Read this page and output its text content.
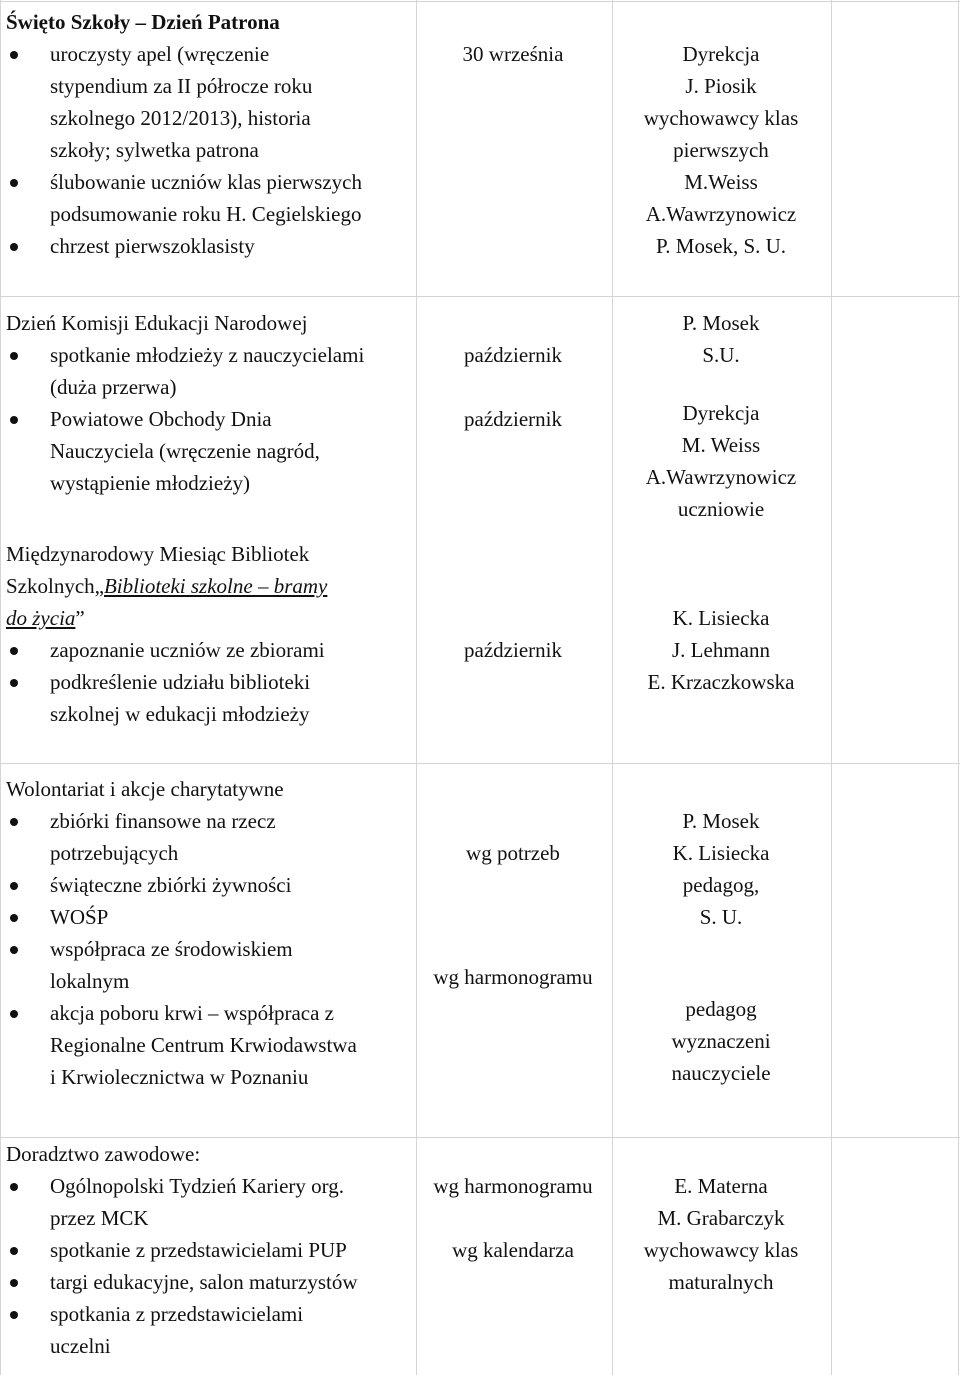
Święto Szkoły – Dzień Patrona
uroczysty apel (wręczenie
stypendium za II półrocze roku
szkolnego 2012/2013), historia
szkoły; sylwetka patrona
ślubowanie uczniów klas pierwszych
podsumowanie roku H. Cegielskiego
chrzest pierwszoklasisty
30 września	Dyrekcja
J. Piosik
wychowawcy klas
pierwszych
M.Weiss
A.Wawrzynowicz
P. Mosek, S. U.
Dzień Komisji Edukacji Narodowej
spotkanie młodzieży z nauczycielami
(duża przerwa)
Powiatowe Obchody Dnia
Nauczyciela (wręczenie nagród,
wystąpienie młodzieży)
październik
październik
P. Mosek
S.U.
Dyrekcja
M. Weiss
A.Wawrzynowicz
uczniowie
Międzynarodowy Miesiąc Bibliotek
Szkolnych„Biblioteki szkolne – bramy
do życia”
zapoznanie uczniów ze zbiorami
podkreślenie udziału biblioteki
szkolnej w edukacji młodzieży
październik
K. Lisiecka
J. Lehmann
E. Krzaczkowska
Wolontariat i akcje charytatywne
zbiórki finansowe na rzecz
potrzebujących
świąteczne zbiórki żywności
WOŚP
współpraca ze środowiskiem
lokalnym
akcja poboru krwi – współpraca z
Regionalne Centrum Krwiodawstwa
i Krwiolecznictwa w Poznaniu
wg potrzeb
wg harmonogramu
P. Mosek
K. Lisiecka
pedagog,
S. U.
pedagog
wyznaczeni
nauczyciele
Doradztwo zawodowe:
Ogólnopolski Tydzień Kariery org.
przez MCK
spotkanie z przedstawicielami PUP
targi edukacyjne, salon maturzystów
spotkania z przedstawicielami
uczelni
wg harmonogramu
wg kalendarza
E. Materna
M. Grabarczyk
wychowawcy klas
maturalnych
